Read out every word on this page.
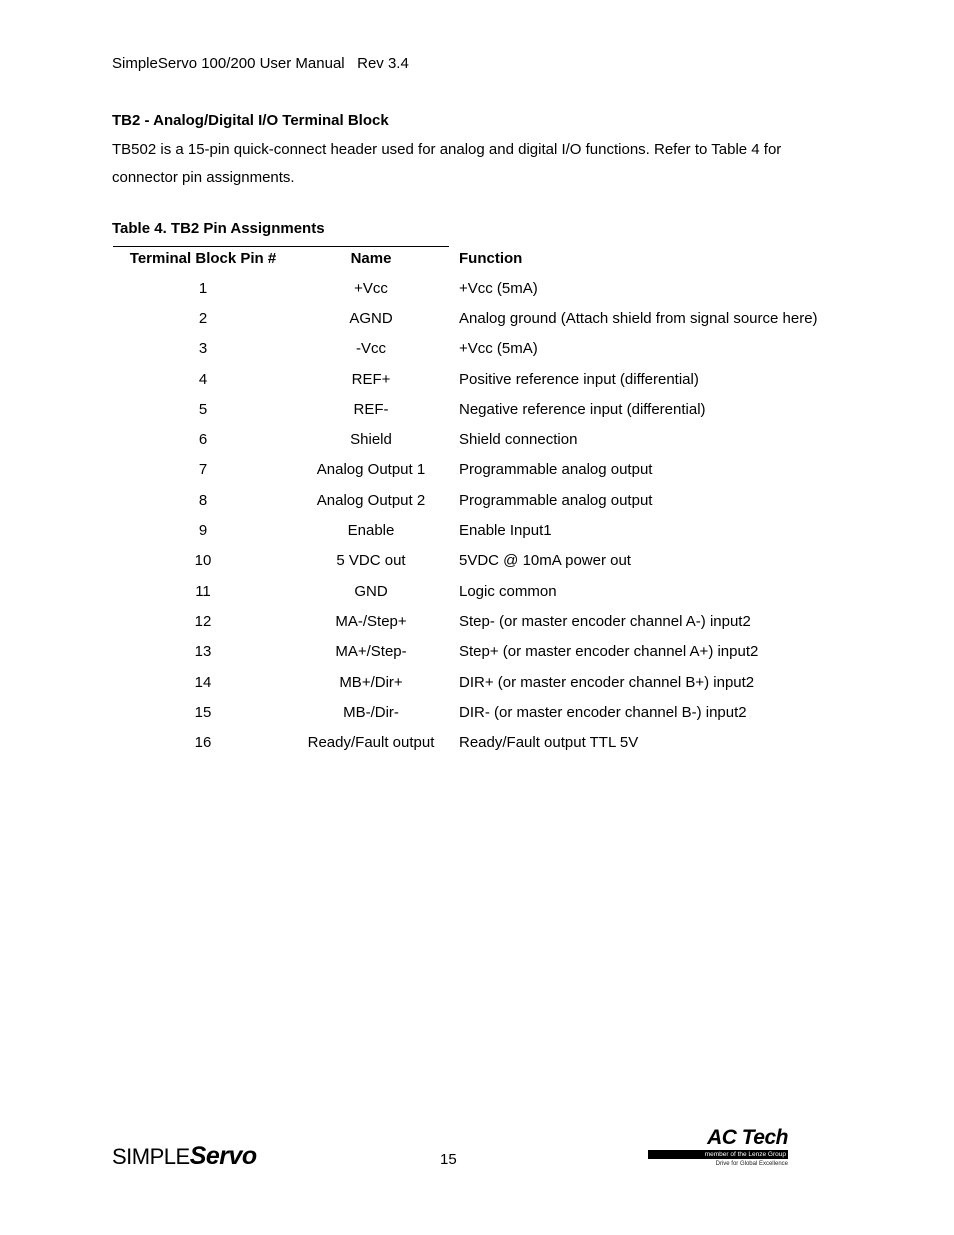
SimpleServo 100/200 User Manual   Rev 3.4
TB2 - Analog/Digital I/O Terminal Block
TB502 is a 15-pin quick-connect header used for analog and digital I/O functions. Refer to Table 4 for connector pin assignments.
Table 4. TB2 Pin Assignments
Terminal Block Pin #	Name	Function
1	+Vcc	+Vcc (5mA)
2	AGND	Analog ground (Attach shield from signal source here)
3	-Vcc	+Vcc (5mA)
4	REF+	Positive reference input (differential)
5	REF-	Negative reference input (differential)
6	Shield	Shield connection
7	Analog Output 1	Programmable analog output
8	Analog Output 2	Programmable analog output
9	Enable	Enable Input1
10	5 VDC out	5VDC @ 10mA power out
11	GND	Logic common
12	MA-/Step+	Step- (or master encoder channel A-) input2
13	MA+/Step-	Step+ (or master encoder channel A+) input2
14	MB+/Dir+	DIR+ (or master encoder channel B+) input2
15	MB-/Dir-	DIR- (or master encoder channel B-) input2
16	Ready/Fault output	Ready/Fault output TTL 5V
SIMPLEServo	15
AC Tech
member of the Lenze Group
Drive for Global Excellence
